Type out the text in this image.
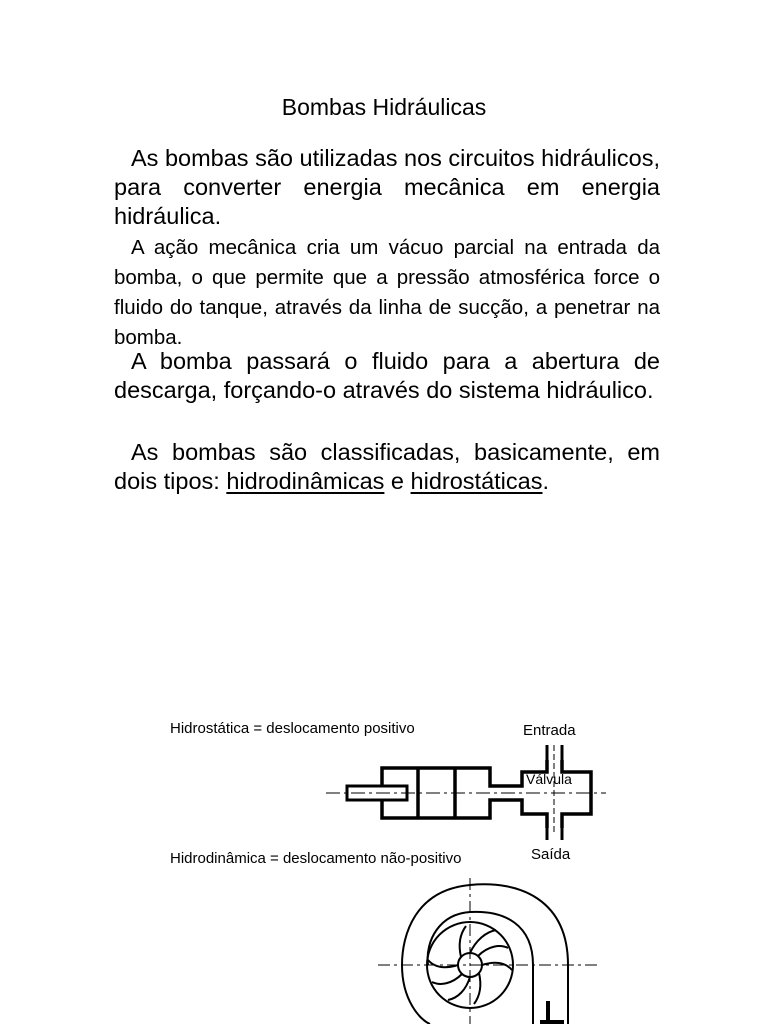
Bombas Hidráulicas

As bombas são utilizadas nos circuitos hidráulicos, para converter energia mecânica em energia hidráulica.

A ação mecânica cria um vácuo parcial na entrada da bomba, o que permite que a pressão atmosférica force o fluido do tanque, através da linha de sucção, a penetrar na bomba.

A bomba passará o fluido para a abertura de descarga, forçando-o através do sistema hidráulico.

As bombas são classificadas, basicamente, em dois tipos: hidrodinâmicas e hidrostáticas.

Hidrostática = deslocamento positivo	Entrada
Saída
Válvula
Hidrodinâmica = deslocamento não-positivo
